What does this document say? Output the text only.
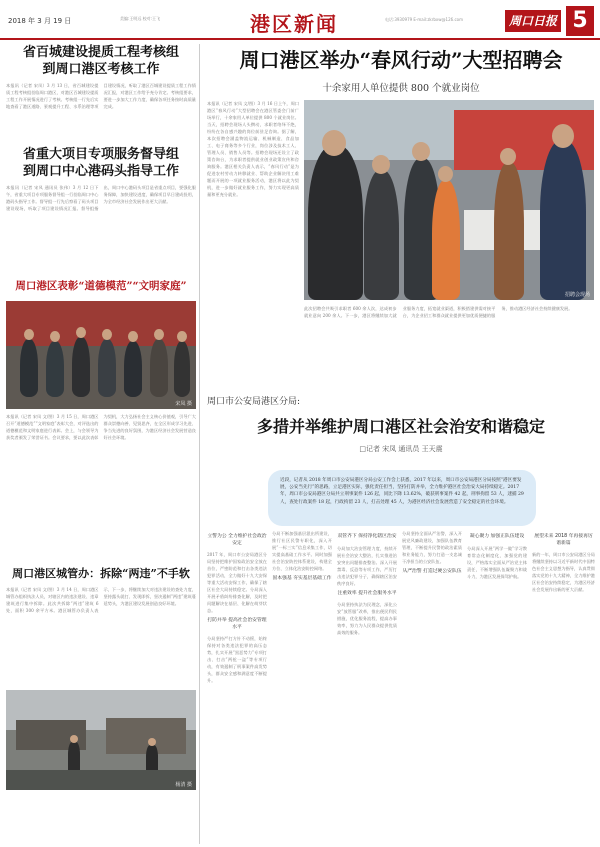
2018 年 3 月 19 日	美编:王明远 校对:王飞	港区新闻	电话:3930979 E-mail:zkrbxw@126.com	周口日报 5
省百城建设提质工程考核组
到周口港区考核工作
本报讯（记者 宋凤）3 月 13 日，省百城建设提质工程考核组莅临周口港区，对港区百城建设提质工程工作开展情况进行了考核。考核组一行先后实地查看了港区道路、景观提升工程、水系治理等项目建设情况，听取了港区百城建设提质工程工作情况汇报，对港区工作给予充分肯定。考核组要求，要进一步加大工作力度，确保各项任务按时高质量完成。
省重大项目专项服务督导组
到周口中心港码头指导工作
本报讯（记者 宋凤 通讯员 张伟）3 月 12 日下午，省重大项目专项服务督导组一行莅临周口中心港码头指导工作。督导组一行先后察看了码头项目建设现场，听取了项目建设情况汇报。督导组指出，周口中心港码头项目是省重点项目，要强化服务保障，加快建设进度，确保项目早日建成投用，为全市经济社会发展作出更大贡献。
周口港区表彰“道德模范”“文明家庭”
宋凤 摄
本报讯（记者 宋凤 文/图）3 月 15 日，周口港区召开“道德模范”“文明家庭”表彰大会，对评选出的道德模范和文明家庭进行表彰。会上，与会领导为获奖者颁发了荣誉证书。会议要求，要以此次表彰为契机，大力弘扬社会主义核心价值观，引导广大群众崇德向善、见贤思齐，在全区形成学习先进、争当先进的良好氛围，为港区经济社会发展营造良好社会环境。
周口港区城管办：拆除“两违”不手软
本报讯（记者 宋凤 文/图）3 月 14 日，周口港区城管办组织执法人员，对辖区内的违法建设、违章建筑进行集中拆除。此次共拆除“两违”建筑 6 处，面积 300 余平方米。港区城管办负责人表示，下一步，将继续加大对违法建设的查处力度，坚持露头就打、发现即拆，坚决遏制“两违”建筑蔓延势头，为港区建设发展创造良好环境。
杨清 摄
周口港区举办“春风行动”大型招聘会
十余家用人单位提供 800 个就业岗位
本报讯（记者 宋凤 文/图）3 月 16 日上午，周口港区“春风行动”大型招聘会在港区管委会门前广场举行，十余家用人单位提供 800 个就业岗位。当天，招聘会现场人头攒动，求职者络绎不绝，纷纷在各自感兴趣的岗位前驻足咨询。据了解，本次招聘会涵盖物流运输、机械制造、食品加工、电子商务等多个行业，岗位涉及技术工人、管理人员、销售人员等。招聘会现场还设立了政策咨询台，为求职者提供就业创业政策宣传和咨询服务。港区相关负责人表示，“春风行动”是为促进农村劳动力转移就业、帮助企业解决用工难题而开展的一项就业服务活动，港区将以此为契机，进一步做好就业服务工作，努力实现更高质量和更充分就业。
招聘会现场
此次招聘会共吸引求职者 600 余人次，达成初步就业意向 200 余人。下一步，港区将继续加大就业服务力度，拓宽就业渠道，积极搭建供需对接平台，为企业招工和群众就业提供更加优质便捷的服务，推动港区经济社会持续健康发展。
周口市公安局港区分局:
多措并举维护周口港区社会治安和谐稳定
□记者 宋凤 通讯员 王天震
近段，记者从 2018 年周口市公安局港区分局公安工作会上获悉，2017 年以来，周口市公安局港区分局按照“港区要发展，公安当先行”的思路，立足港区实际，强化责任担当，坚持打防并举，全力维护港区社会治安大局持续稳定。2017 年，周口市公安局港区分局共立刑事案件 126 起，同比下降 13.62%，破获刑事案件 42 起，刑事拘留 53 人，逮捕 29 人，查处行政案件 18 起，行政拘留 23 人，打击处理 45 人，为港区经济社会发展营造了安全稳定的社会环境。
立警为公 全力维护社会政治安定
2017 年，周口市公安局港区分局坚持把维护国家政治安全放在首位，严密防范和打击各类违法犯罪活动，全力做好十九大安保等重大活动安保工作，确保了辖区社会大局持续稳定。分局深入开展矛盾纠纷排查化解，及时把问题解决在基层、化解在萌芽状态。
打防并举 提高社会治安管理水平
分局坚持严打方针不动摇，始终保持对各类违法犯罪的高压态势，扎实开展“黑恶势力”专项打击、打击“两抢一盗”等专项行动，有效遏制了刑事案件高发势头，群众安全感和满意度不断提升。
分局不断加强基层派出所建设，推行社区民警专职化，深入开展“一标三实”信息采集工作，切实提高基础工作水平。同时加强社会治安防控体系建设，构建全方位、立体化治安防控网络。
固本强基 夯实基层基础工作
双管齐下 保持净化辖区治安
分局加大治安管理力度，持续开展社会治安大整治，扎实推进治安突出问题排查整治。深入开展禁毒、反恐等专项工作，严厉打击违法犯罪分子，确保辖区治安秩序良好。
注重效率 提升社会服务水平
分局坚持执法为民理念，深化公安“放管服”改革，推出便民利民措施，优化服务流程，提高办事效率，努力为人民群众提供优质高效的服务。
分局坚持全面从严治警，深入开展党风廉政建设，加强队伍教育管理，不断提升民警的政治素质和业务能力，努力打造一支忠诚干净担当的公安队伍。
从严治警 打造过硬公安队伍
凝心聚力 加强正队伍建设
分局深入开展“两学一做”学习教育常态化制度化，加强党的建设，严格落实全面从严治党主体责任，不断增强队伍凝聚力和战斗力，为港区发展保驾护航。
展望未来 2018 年再接再厉谱新篇
新的一年，周口市公安局港区分局将继续坚持以习近平新时代中国特色社会主义思想为指导，认真贯彻落实党的十九大精神，全力维护港区社会治安持续稳定，为港区经济社会发展作出新的更大贡献。
